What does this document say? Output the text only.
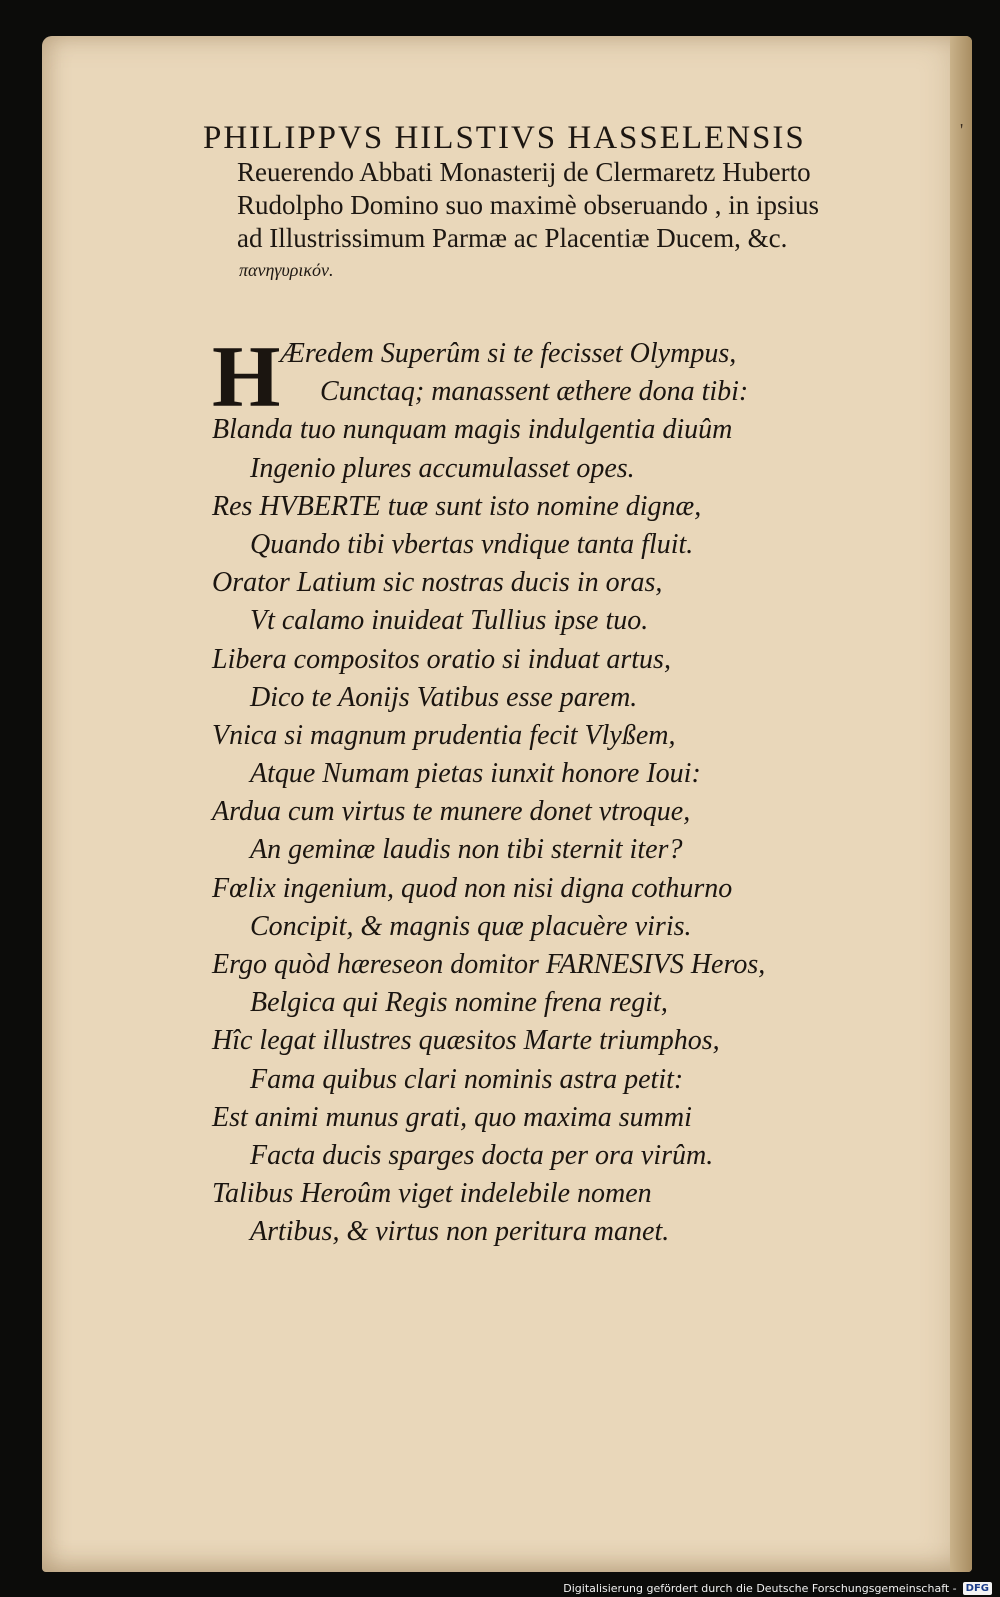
'
PHILIPPVS HILSTIVS HASSELENSIS
Reuerendo Abbati Monasterij de Clermaretz Huberto
Rudolpho Domino suo maximè obseruando , in ipsius
ad Illustrissimum Parmæ ac Placentiæ Ducem, &c.
πανηγυρικόν.
H Æredem Superûm si te fecisset Olympus,
Cunctaq; manassent æthere dona tibi:
Blanda tuo nunquam magis indulgentia diuûm
Ingenio plures accumulasset opes.
Res HVBERTE tuæ sunt isto nomine dignæ,
Quando tibi vbertas vndique tanta fluit.
Orator Latium sic nostras ducis in oras,
Vt calamo inuideat Tullius ipse tuo.
Libera compositos oratio si induat artus,
Dico te Aonijs Vatibus esse parem.
Vnica si magnum prudentia fecit Vlyßem,
Atque Numam pietas iunxit honore Ioui:
Ardua cum virtus te munere donet vtroque,
An geminæ laudis non tibi sternit iter?
Fœlix ingenium, quod non nisi digna cothurno
Concipit, & magnis quæ placuère viris.
Ergo quòd hæreseon domitor FARNESIVS Heros,
Belgica qui Regis nomine frena regit,
Hîc legat illustres quæsitos Marte triumphos,
Fama quibus clari nominis astra petit:
Est animi munus grati, quo maxima summi
Facta ducis sparges docta per ora virûm.
Talibus Heroûm viget indelebile nomen
Artibus, & virtus non peritura manet.
Digitalisierung gefördert durch die Deutsche Forschungsgemeinschaft - DFG
